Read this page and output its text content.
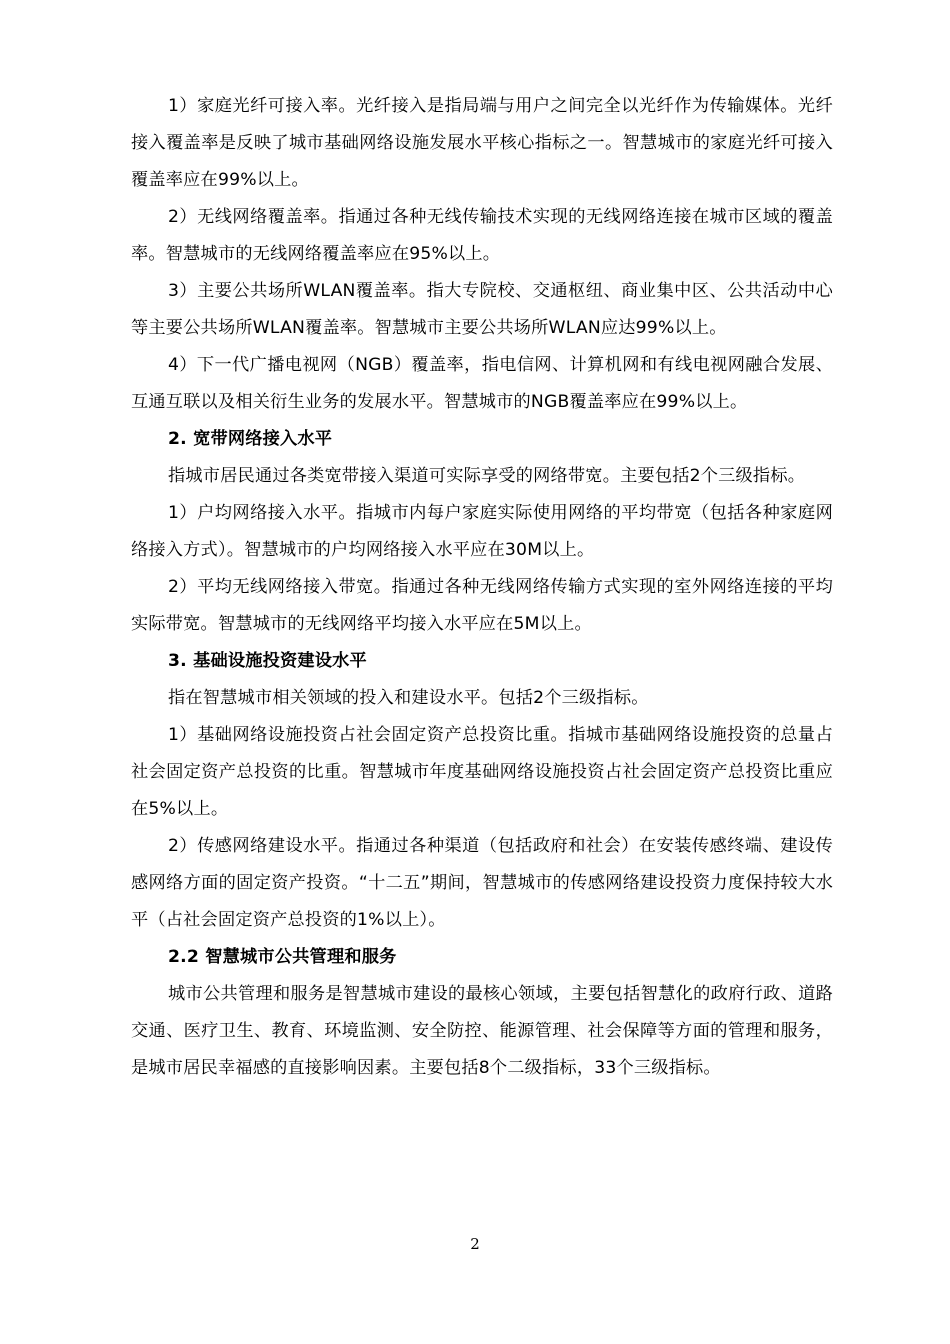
1）家庭光纤可接入率。光纤接入是指局端与用户之间完全以光纤作为传输媒体。光纤接入覆盖率是反映了城市基础网络设施发展水平核心指标之一。智慧城市的家庭光纤可接入覆盖率应在99%以上。

2）无线网络覆盖率。指通过各种无线传输技术实现的无线网络连接在城市区域的覆盖率。智慧城市的无线网络覆盖率应在95%以上。

3）主要公共场所WLAN覆盖率。指大专院校、交通枢纽、商业集中区、公共活动中心等主要公共场所WLAN覆盖率。智慧城市主要公共场所WLAN应达99%以上。

4）下一代广播电视网（NGB）覆盖率，指电信网、计算机网和有线电视网融合发展、互通互联以及相关衍生业务的发展水平。智慧城市的NGB覆盖率应在99%以上。

2. 宽带网络接入水平

指城市居民通过各类宽带接入渠道可实际享受的网络带宽。主要包括2个三级指标。

1）户均网络接入水平。指城市内每户家庭实际使用网络的平均带宽（包括各种家庭网络接入方式）。智慧城市的户均网络接入水平应在30M以上。

2）平均无线网络接入带宽。指通过各种无线网络传输方式实现的室外网络连接的平均实际带宽。智慧城市的无线网络平均接入水平应在5M以上。

3. 基础设施投资建设水平

指在智慧城市相关领域的投入和建设水平。包括2个三级指标。

1）基础网络设施投资占社会固定资产总投资比重。指城市基础网络设施投资的总量占社会固定资产总投资的比重。智慧城市年度基础网络设施投资占社会固定资产总投资比重应在5%以上。

2）传感网络建设水平。指通过各种渠道（包括政府和社会）在安装传感终端、建设传感网络方面的固定资产投资。“十二五”期间，智慧城市的传感网络建设投资力度保持较大水平（占社会固定资产总投资的1%以上）。

2.2 智慧城市公共管理和服务

城市公共管理和服务是智慧城市建设的最核心领域，主要包括智慧化的政府行政、道路交通、医疗卫生、教育、环境监测、安全防控、能源管理、社会保障等方面的管理和服务，是城市居民幸福感的直接影响因素。主要包括8个二级指标，33个三级指标。

2
